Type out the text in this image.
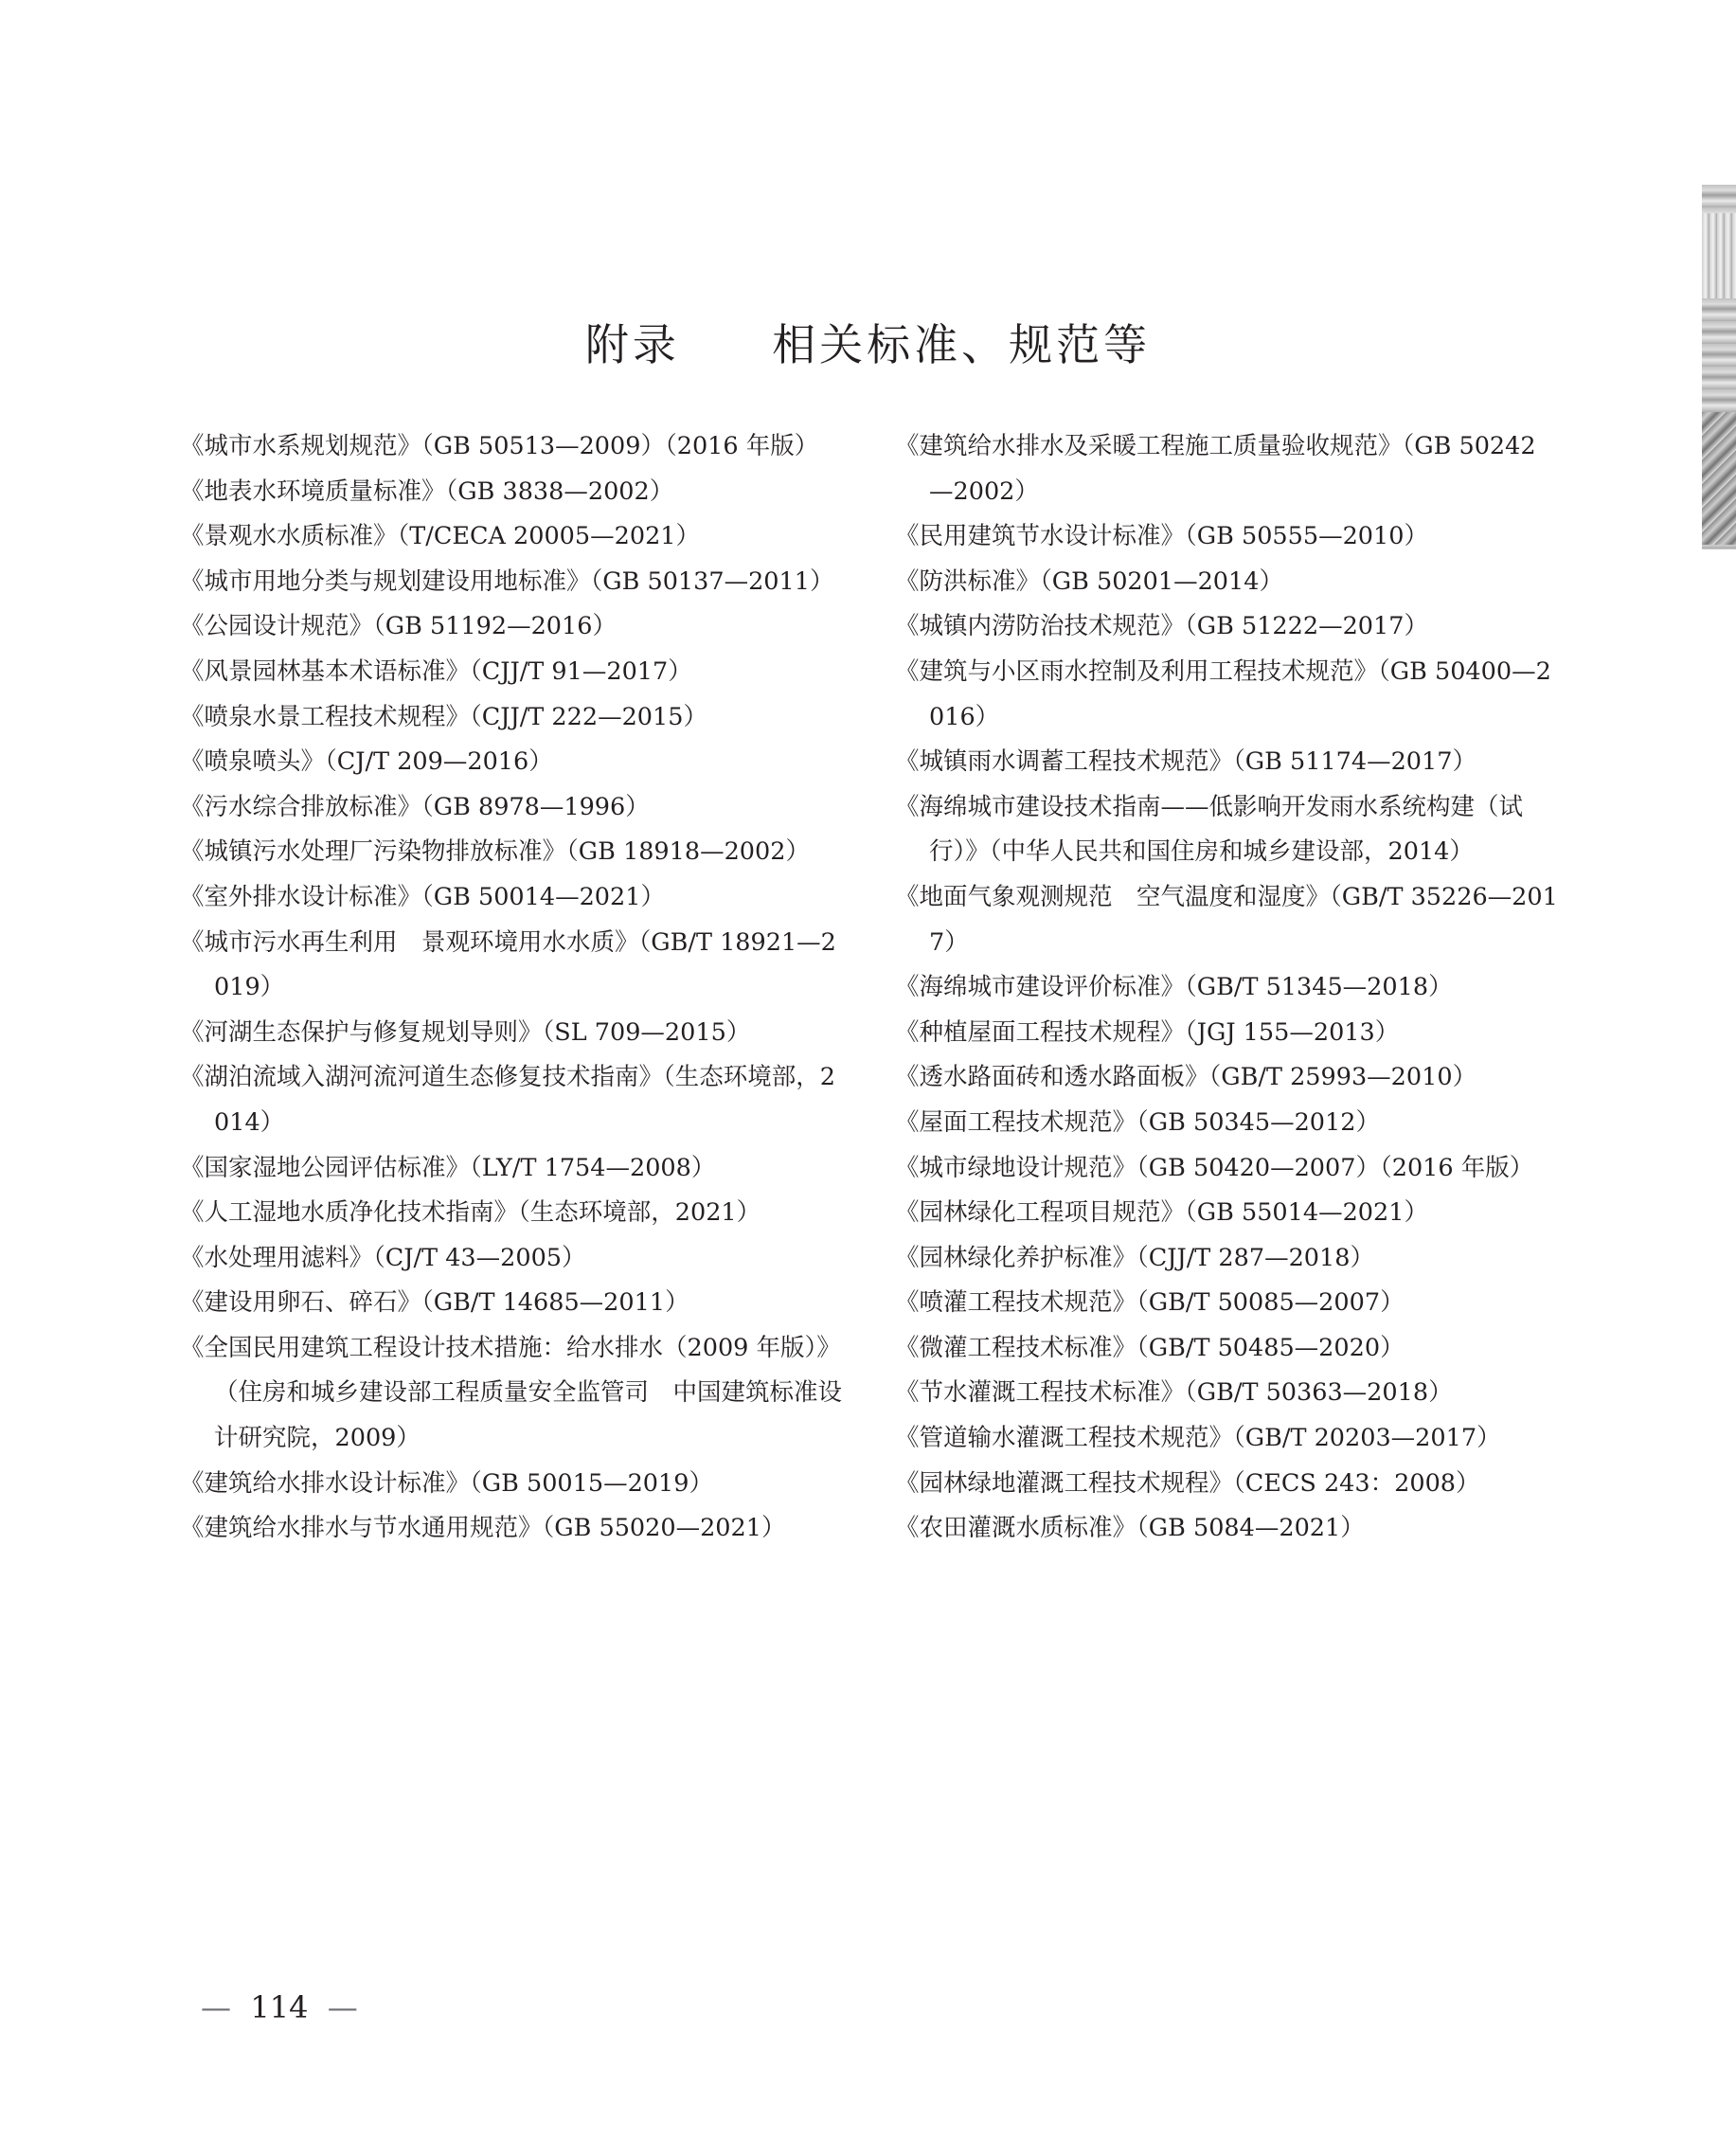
附录  相关标准、规范等
《城市水系规划规范》（GB 50513—2009）（2016 年版）
《地表水环境质量标准》（GB 3838—2002）
《景观水水质标准》（T/CECA 20005—2021）
《城市用地分类与规划建设用地标准》（GB 50137—2011）
《公园设计规范》（GB 51192—2016）
《风景园林基本术语标准》（CJJ/T 91—2017）
《喷泉水景工程技术规程》（CJJ/T 222—2015）
《喷泉喷头》（CJ/T 209—2016）
《污水综合排放标准》（GB 8978—1996）
《城镇污水处理厂污染物排放标准》（GB 18918—2002）
《室外排水设计标准》（GB 50014—2021）
《城市污水再生利用　景观环境用水水质》（GB/T 18921—2019）
《河湖生态保护与修复规划导则》（SL 709—2015）
《湖泊流域入湖河流河道生态修复技术指南》（生态环境部，2014）
《国家湿地公园评估标准》（LY/T 1754—2008）
《人工湿地水质净化技术指南》（生态环境部，2021）
《水处理用滤料》（CJ/T 43—2005）
《建设用卵石、碎石》（GB/T 14685—2011）
《全国民用建筑工程设计技术措施：给水排水（2009 年版）》（住房和城乡建设部工程质量安全监管司　中国建筑标准设计研究院，2009）
《建筑给水排水设计标准》（GB 50015—2019）
《建筑给水排水与节水通用规范》（GB 55020—2021）
《建筑给水排水及采暖工程施工质量验收规范》（GB 50242—2002）
《民用建筑节水设计标准》（GB 50555—2010）
《防洪标准》（GB 50201—2014）
《城镇内涝防治技术规范》（GB 51222—2017）
《建筑与小区雨水控制及利用工程技术规范》（GB 50400—2016）
《城镇雨水调蓄工程技术规范》（GB 51174—2017）
《海绵城市建设技术指南——低影响开发雨水系统构建（试行）》（中华人民共和国住房和城乡建设部，2014）
《地面气象观测规范　空气温度和湿度》（GB/T 35226—2017）
《海绵城市建设评价标准》（GB/T 51345—2018）
《种植屋面工程技术规程》（JGJ 155—2013）
《透水路面砖和透水路面板》（GB/T 25993—2010）
《屋面工程技术规范》（GB 50345—2012）
《城市绿地设计规范》（GB 50420—2007）（2016 年版）
《园林绿化工程项目规范》（GB 55014—2021）
《园林绿化养护标准》（CJJ/T 287—2018）
《喷灌工程技术规范》（GB/T 50085—2007）
《微灌工程技术标准》（GB/T 50485—2020）
《节水灌溉工程技术标准》（GB/T 50363—2018）
《管道输水灌溉工程技术规范》（GB/T 20203—2017）
《园林绿地灌溉工程技术规程》（CECS 243：2008）
《农田灌溉水质标准》（GB 5084—2021）
— 114 —
